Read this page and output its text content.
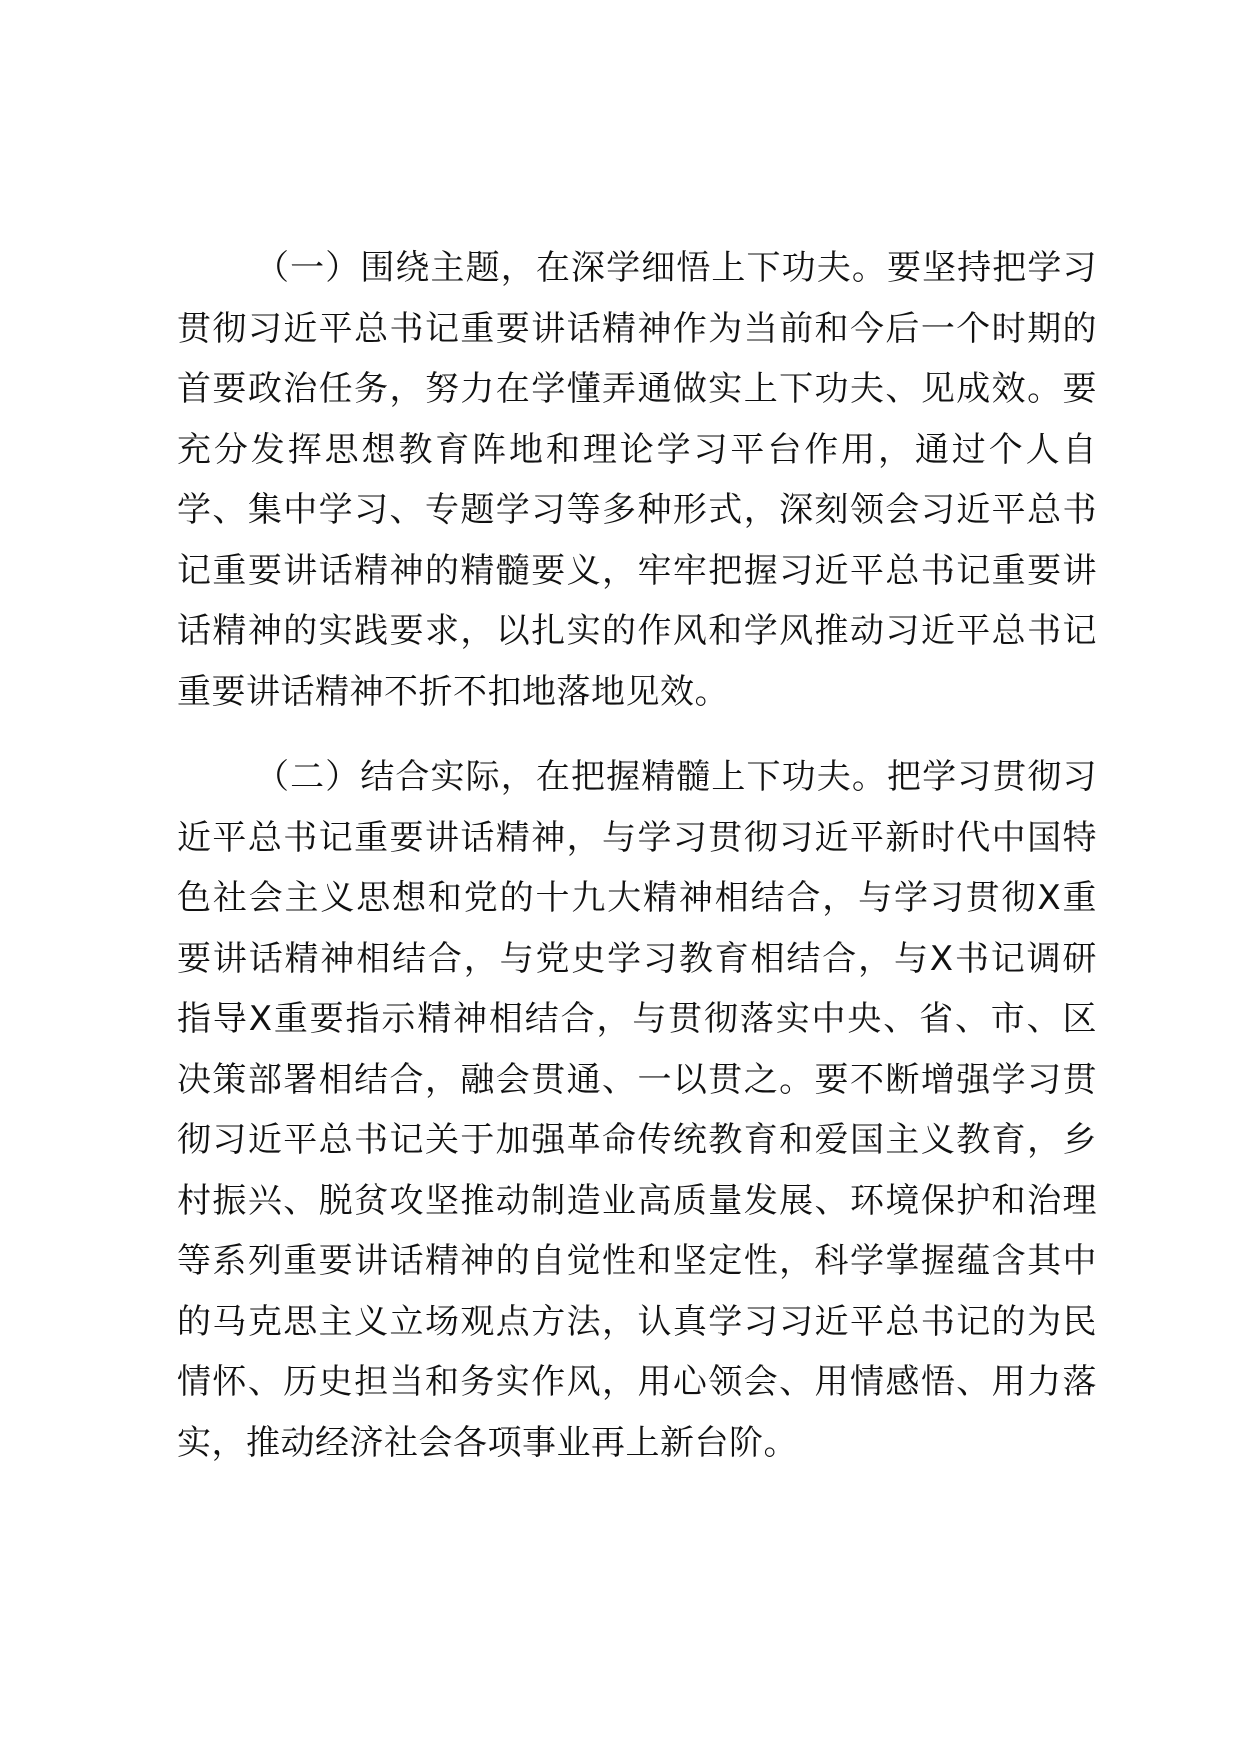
（一）围绕主题，在深学细悟上下功夫。要坚持把学习贯彻习近平总书记重要讲话精神作为当前和今后一个时期的首要政治任务，努力在学懂弄通做实上下功夫、见成效。要充分发挥思想教育阵地和理论学习平台作用，通过个人自学、集中学习、专题学习等多种形式，深刻领会习近平总书记重要讲话精神的精髓要义，牢牢把握习近平总书记重要讲话精神的实践要求，以扎实的作风和学风推动习近平总书记重要讲话精神不折不扣地落地见效。

（二）结合实际，在把握精髓上下功夫。把学习贯彻习近平总书记重要讲话精神，与学习贯彻习近平新时代中国特色社会主义思想和党的十九大精神相结合，与学习贯彻X重要讲话精神相结合，与党史学习教育相结合，与X书记调研指导X重要指示精神相结合，与贯彻落实中央、省、市、区决策部署相结合，融会贯通、一以贯之。要不断增强学习贯彻习近平总书记关于加强革命传统教育和爱国主义教育，乡村振兴、脱贫攻坚推动制造业高质量发展、环境保护和治理等系列重要讲话精神的自觉性和坚定性，科学掌握蕴含其中的马克思主义立场观点方法，认真学习习近平总书记的为民情怀、历史担当和务实作风，用心领会、用情感悟、用力落实，推动经济社会各项事业再上新台阶。
